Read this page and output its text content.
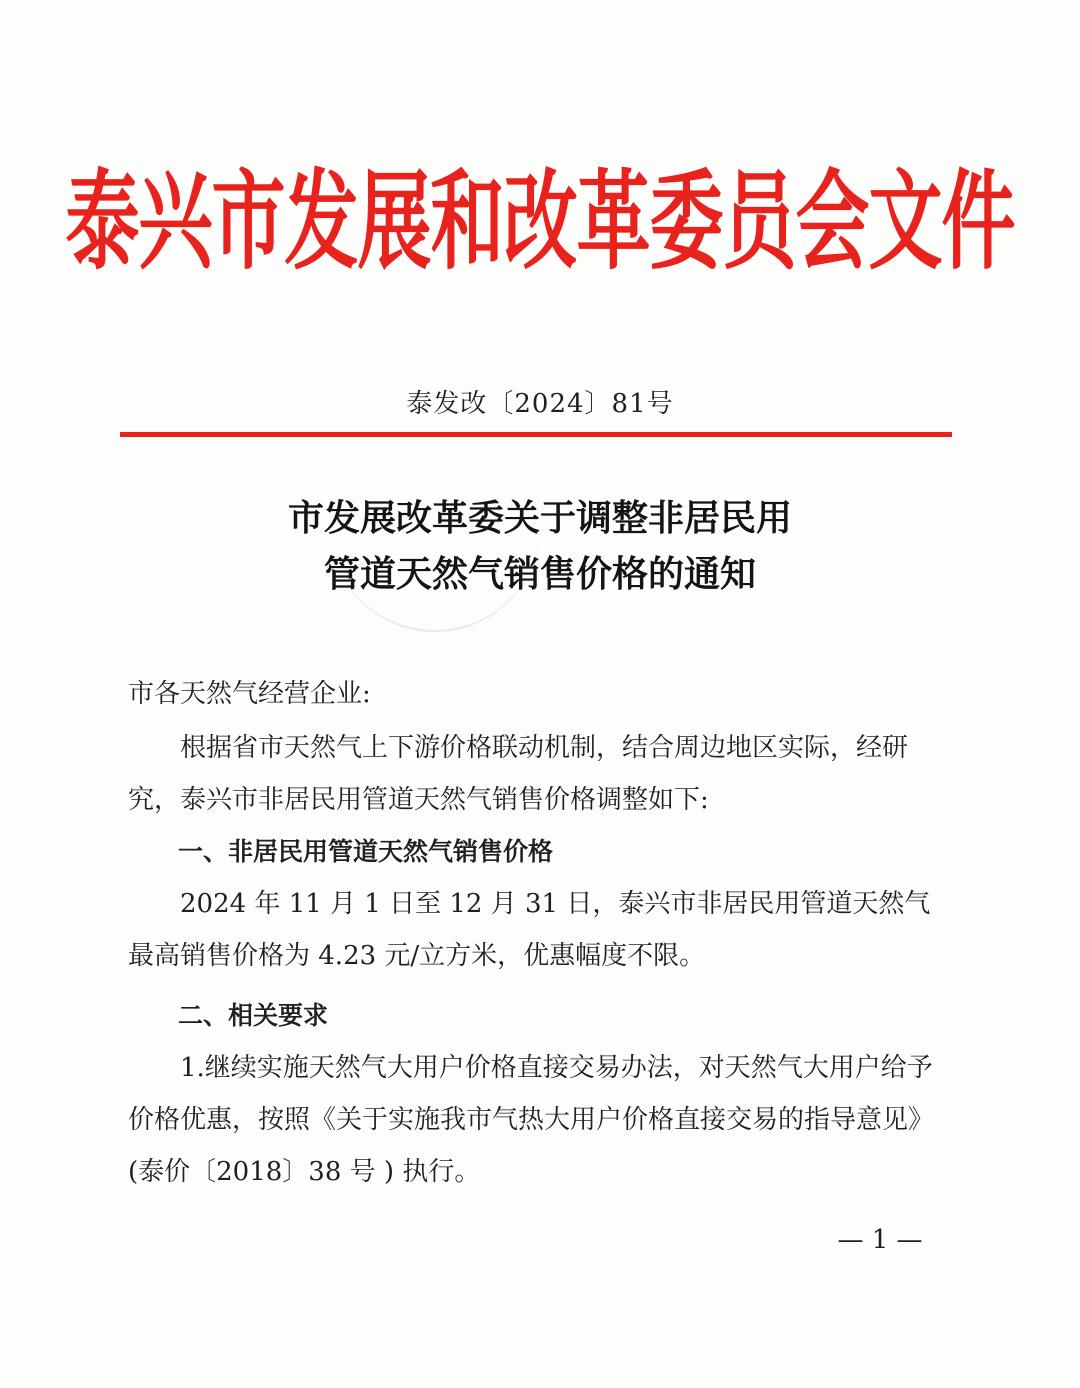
泰兴市发展和改革委员会文件
泰发改〔2024〕81号
市发展改革委关于调整非居民用
管道天然气销售价格的通知

市各天然气经营企业:

根据省市天然气上下游价格联动机制，结合周边地区实际，经研究，泰兴市非居民用管道天然气销售价格调整如下:

一、非居民用管道天然气销售价格

2024 年 11 月 1 日至 12 月 31 日，泰兴市非居民用管道天然气最高销售价格为 4.23 元/立方米，优惠幅度不限。

二、相关要求

1.继续实施天然气大用户价格直接交易办法，对天然气大用户给予价格优惠，按照《关于实施我市气热大用户价格直接交易的指导意见》(泰价〔2018〕38 号 ) 执行。

— 1 —
